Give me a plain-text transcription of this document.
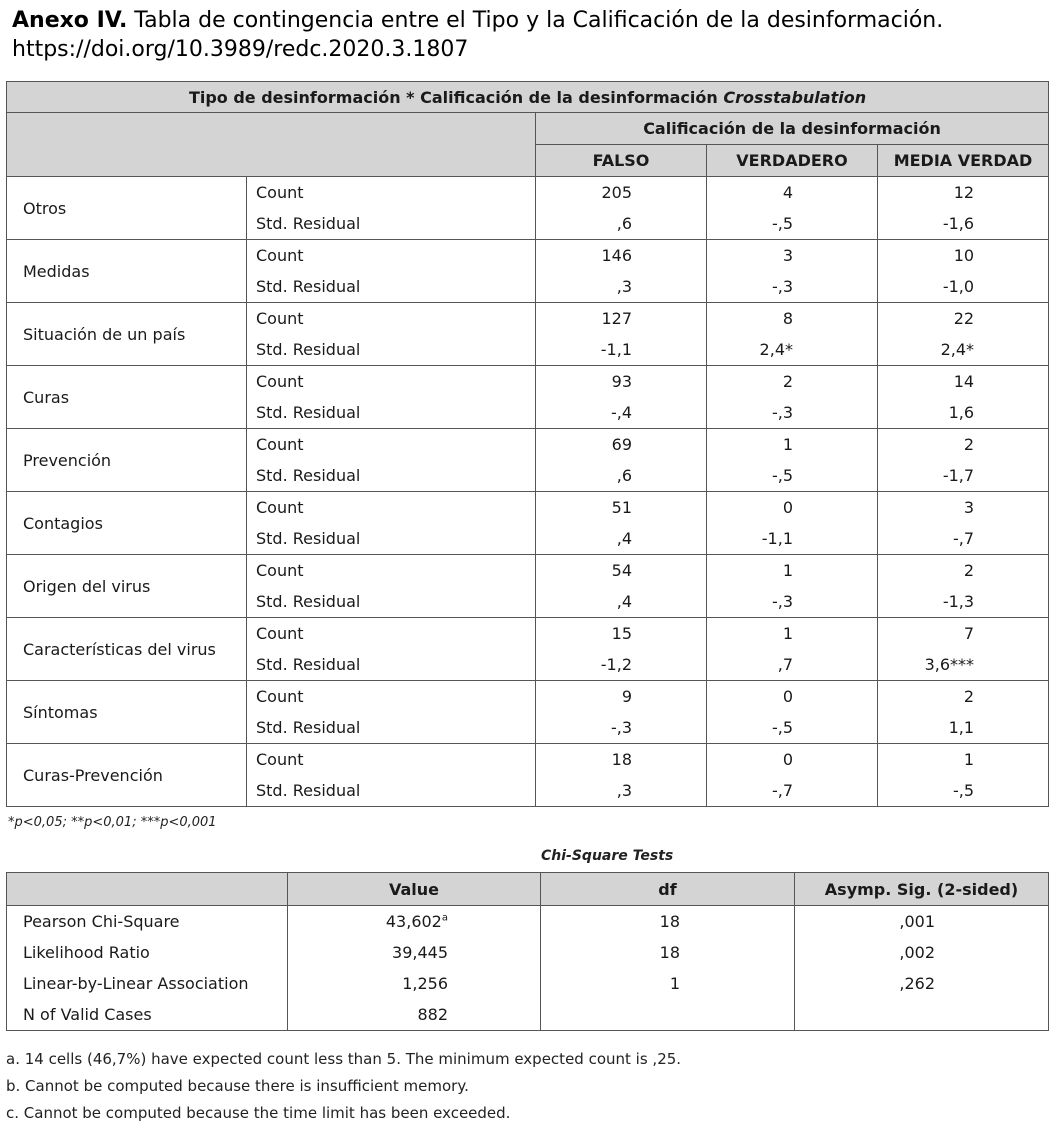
Anexo IV. Tabla de contingencia entre el Tipo y la Calificación de la desinformación.
https://doi.org/10.3989/redc.2020.3.1807
Tipo de desinformación * Calificación de la desinformación Crosstabulation				
		Calificación de la desinformación		
		FALSO	VERDADERO	MEDIA VERDAD
Otros	Count	205	4	12
	Std. Residual	,6	-,5	-1,6
Medidas	Count	146	3	10
	Std. Residual	,3	-,3	-1,0
Situación de un país	Count	127	8	22
	Std. Residual	-1,1	2,4*	2,4*
Curas	Count	93	2	14
	Std. Residual	-,4	-,3	1,6
Prevención	Count	69	1	2
	Std. Residual	,6	-,5	-1,7
Contagios	Count	51	0	3
	Std. Residual	,4	-1,1	-,7
Origen del virus	Count	54	1	2
	Std. Residual	,4	-,3	-1,3
Características del virus	Count	15	1	7
	Std. Residual	-1,2	,7	3,6***
Síntomas	Count	9	0	2
	Std. Residual	-,3	-,5	1,1
Curas-Prevención	Count	18	0	1
	Std. Residual	,3	-,7	-,5
*p<0,05; **p<0,01; ***p<0,001
Chi-Square Tests
	Value	df	Asymp. Sig. (2-sided)
Pearson Chi-Square	43,602$^a$	18	,001
Likelihood Ratio	39,445	18	,002
Linear-by-Linear Association	1,256	1	,262
N of Valid Cases	882		
a. 14 cells (46,7%) have expected count less than 5. The minimum expected count is ,25.
b. Cannot be computed because there is insufficient memory.
c. Cannot be computed because the time limit has been exceeded.
